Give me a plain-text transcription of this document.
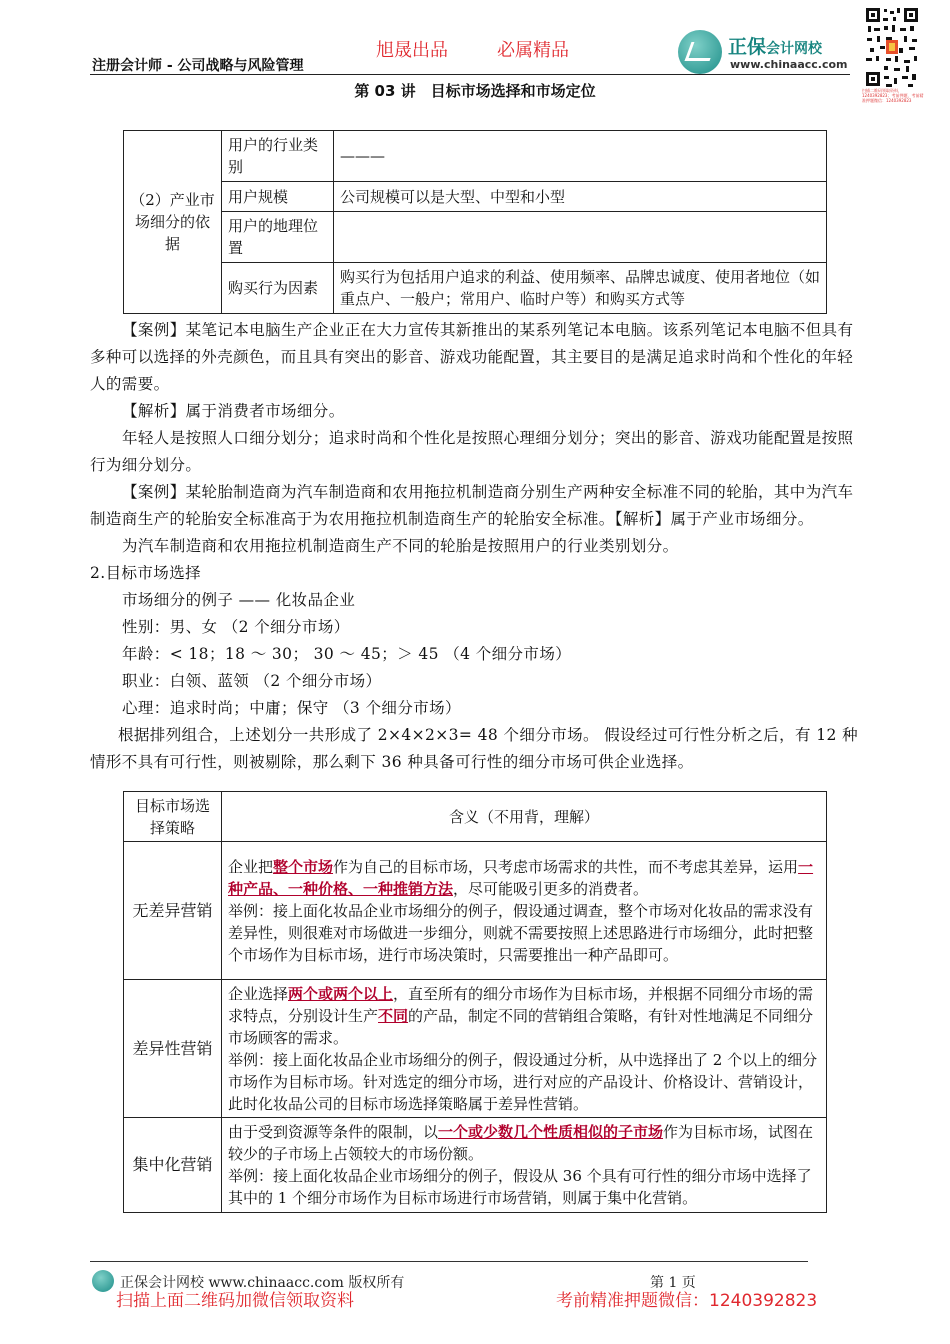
旭晟出品	必属精品
注册会计师 - 公司战略与风险管理
正保会计网校
www.chinaacc.com
扫描二维码领取资料，1240392823；考前押题，考前精准押题微信：1240392823
第 03 讲　目标市场选择和市场定位
（2）产业市场细分的依据	用户的行业类别	———
	用户规模	公司规模可以是大型、中型和小型
	用户的地理位置	
	购买行为因素	购买行为包括用户追求的利益、使用频率、品牌忠诚度、使用者地位（如重点户、一般户；常用户、临时户等）和购买方式等

【案例】某笔记本电脑生产企业正在大力宣传其新推出的某系列笔记本电脑。该系列笔记本电脑不但具有多种可以选择的外壳颜色，而且具有突出的影音、游戏功能配置，其主要目的是满足追求时尚和个性化的年轻人的需要。

【解析】属于消费者市场细分。

年轻人是按照人口细分划分；追求时尚和个性化是按照心理细分划分；突出的影音、游戏功能配置是按照行为细分划分。

【案例】某轮胎制造商为汽车制造商和农用拖拉机制造商分别生产两种安全标准不同的轮胎，其中为汽车制造商生产的轮胎安全标准高于为农用拖拉机制造商生产的轮胎安全标准。【解析】属于产业市场细分。

为汽车制造商和农用拖拉机制造商生产不同的轮胎是按照用户的行业类别划分。

2.目标市场选择

市场细分的例子 —— 化妆品企业

性别：男、女 （2 个细分市场）

年龄：< 18；18 ～ 30； 30 ～ 45；＞ 45 （4 个细分市场）

职业：白领、蓝领 （2 个细分市场）

心理：追求时尚；中庸；保守 （3 个细分市场）

根据排列组合，上述划分一共形成了 2×4×2×3= 48 个细分市场。 假设经过可行性分析之后，有 12 种情形不具有可行性，则被剔除，那么剩下 36 种具备可行性的细分市场可供企业选择。

目标市场选择策略	含义（不用背，理解）
无差异营销	企业把整个市场作为自己的目标市场，只考虑市场需求的共性，而不考虑其差异，运用一种产品、一种价格、一种推销方法，尽可能吸引更多的消费者。
举例：接上面化妆品企业市场细分的例子，假设通过调查，整个市场对化妆品的需求没有差异性，则很难对市场做进一步细分，则就不需要按照上述思路进行市场细分，此时把整个市场作为目标市场，进行市场决策时，只需要推出一种产品即可。
差异性营销	企业选择两个或两个以上，直至所有的细分市场作为目标市场，并根据不同细分市场的需求特点，分别设计生产不同的产品，制定不同的营销组合策略，有针对性地满足不同细分市场顾客的需求。
举例：接上面化妆品企业市场细分的例子，假设通过分析，从中选择出了 2 个以上的细分市场作为目标市场。针对选定的细分市场，进行对应的产品设计、价格设计、营销设计，此时化妆品公司的目标市场选择策略属于差异性营销。
集中化营销	由于受到资源等条件的限制，以一个或少数几个性质相似的子市场作为目标市场，试图在较少的子市场上占领较大的市场份额。
举例：接上面化妆品企业市场细分的例子，假设从 36 个具有可行性的细分市场中选择了其中的 1 个细分市场作为目标市场进行市场营销，则属于集中化营销。
正保会计网校 www.chinaacc.com 版权所有	第 1 页
扫描上面二维码加微信领取资料	考前精准押题微信：1240392823
